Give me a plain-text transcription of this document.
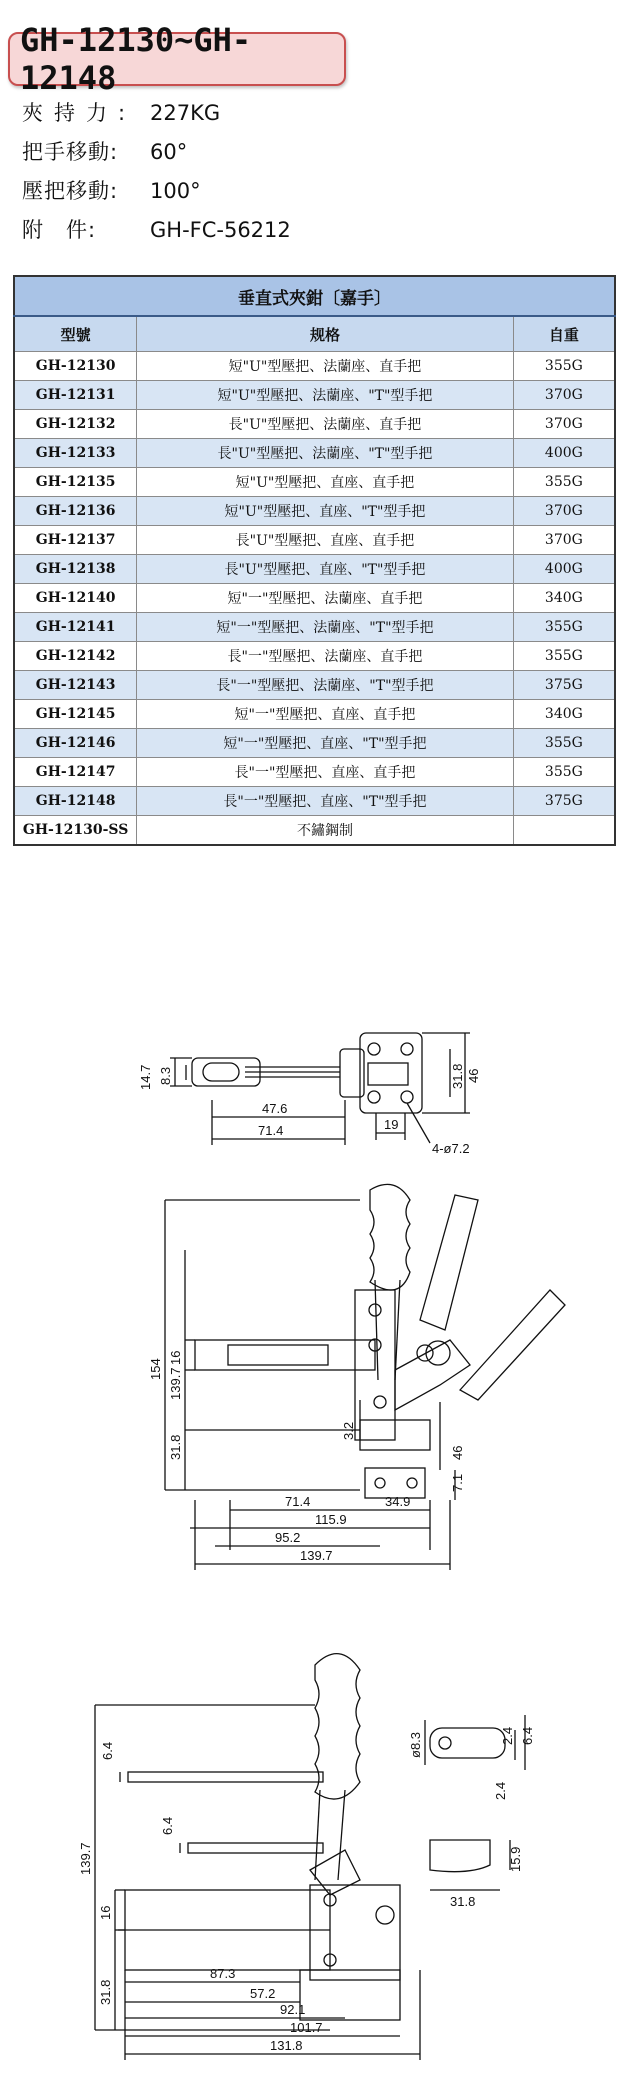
GH-12130~GH-12148
夾持力: 227KG
把手移動:	60°
壓把移動:	100°
附　件:	GH-FC-56212
垂直式夾鉗〔嘉手〕		
型號	规格	自重
GH-12130	短"U"型壓把、法蘭座、直手把	355G
GH-12131	短"U"型壓把、法蘭座、"T"型手把	370G
GH-12132	長"U"型壓把、法蘭座、直手把	370G
GH-12133	長"U"型壓把、法蘭座、"T"型手把	400G
GH-12135	短"U"型壓把、直座、直手把	355G
GH-12136	短"U"型壓把、直座、"T"型手把	370G
GH-12137	長"U"型壓把、直座、直手把	370G
GH-12138	長"U"型壓把、直座、"T"型手把	400G
GH-12140	短"一"型壓把、法蘭座、直手把	340G
GH-12141	短"一"型壓把、法蘭座、"T"型手把	355G
GH-12142	長"一"型壓把、法蘭座、直手把	355G
GH-12143	長"一"型壓把、法蘭座、"T"型手把	375G
GH-12145	短"一"型壓把、直座、直手把	340G
GH-12146	短"一"型壓把、直座、"T"型手把	355G
GH-12147	長"一"型壓把、直座、直手把	355G
GH-12148	長"一"型壓把、直座、"T"型手把	375G
GH-12130-SS	不鏽鋼制	
14.7 8.3
47.6
71.4	19
4-ø7.2
31.8 46
154 139.7
16
31.8
3.2
46
7.1
71.4	34.9
115.9
95.2
139.7
6.4
6.4
139.7
16
31.8
87.3
57.2
92.1
101.7
131.8
ø8.3	2.4 6.4
2.4
15.9
31.8
